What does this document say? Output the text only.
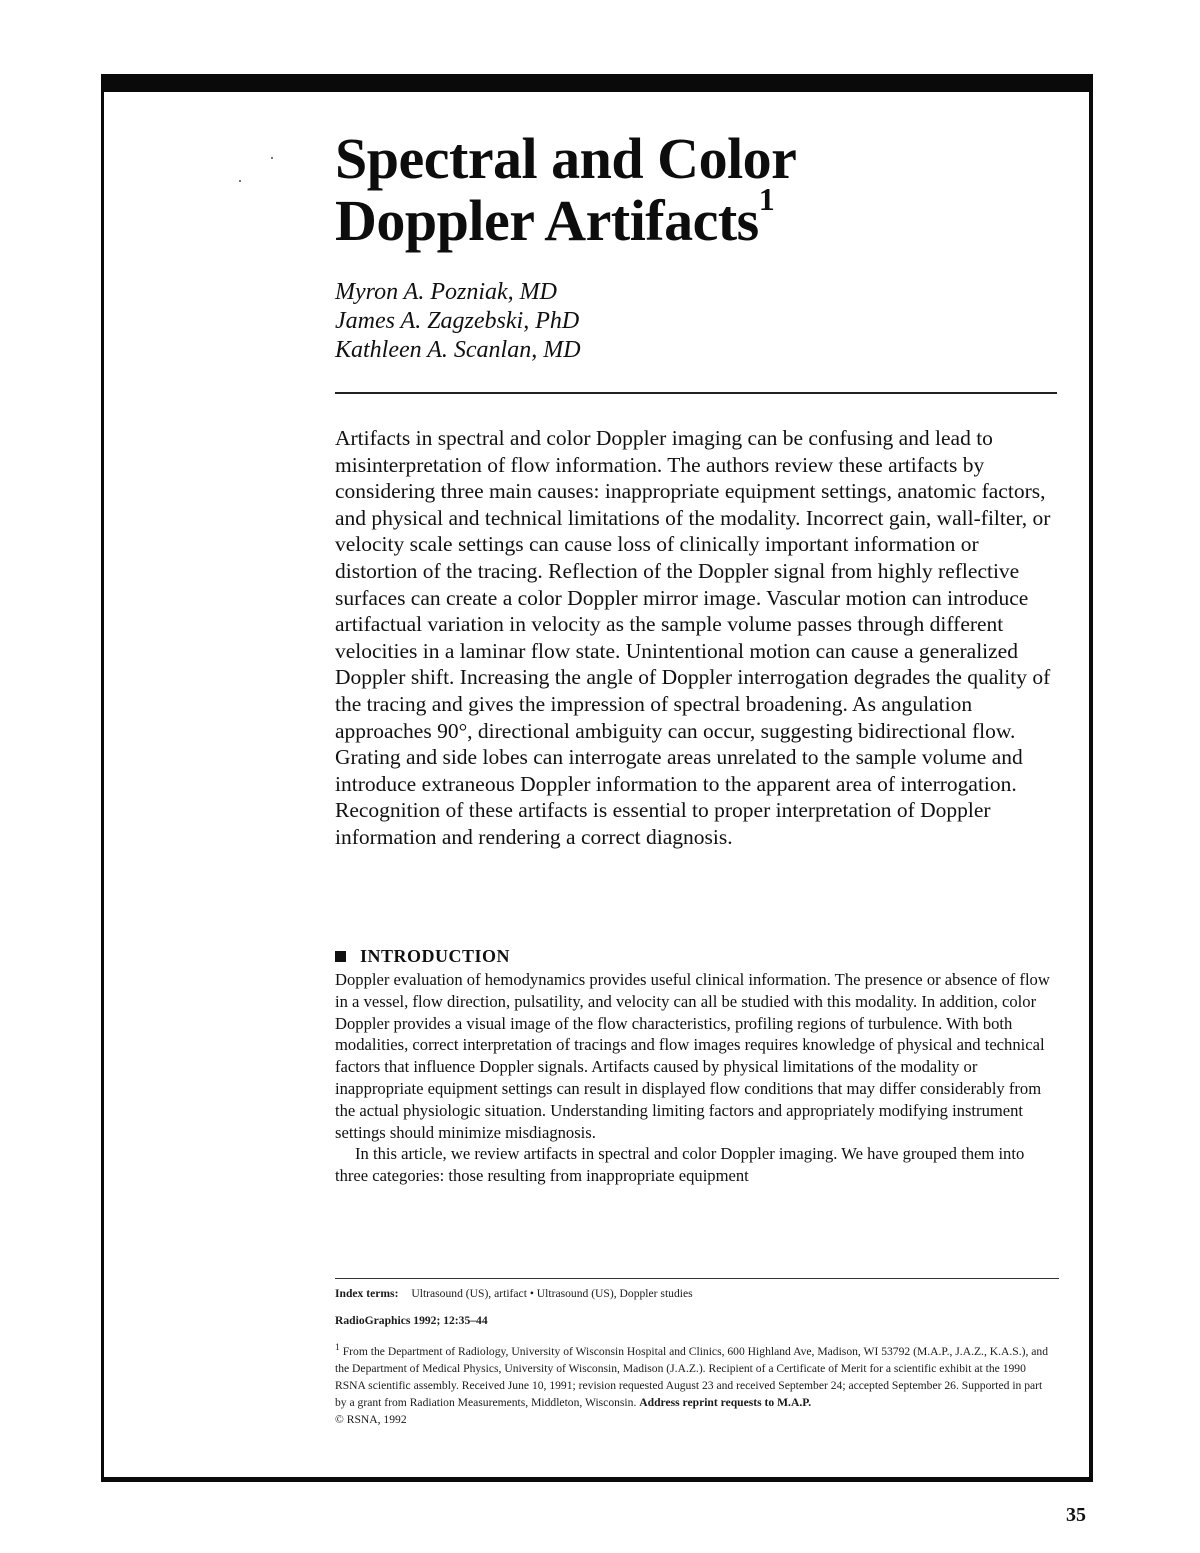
Spectral and Color
Doppler Artifacts$^1$
Myron A. Pozniak, MD
James A. Zagzebski, PhD
Kathleen A. Scanlan, MD

Artifacts in spectral and color Doppler imaging can be confusing and lead to misinterpretation of flow information. The authors review these artifacts by considering three main causes: inappropriate equipment settings, anatomic factors, and physical and technical limitations of the modality. Incorrect gain, wall-filter, or velocity scale settings can cause loss of clinically important information or distortion of the tracing. Reflection of the Doppler signal from highly reflective surfaces can create a color Doppler mirror image. Vascular motion can introduce artifactual variation in velocity as the sample volume passes through different velocities in a laminar flow state. Unintentional motion can cause a generalized Doppler shift. Increasing the angle of Doppler interrogation degrades the quality of the tracing and gives the impression of spectral broadening. As angulation approaches 90°, directional ambiguity can occur, suggesting bidirectional flow. Grating and side lobes can interrogate areas unrelated to the sample volume and introduce extraneous Doppler information to the apparent area of interrogation. Recognition of these artifacts is essential to proper interpretation of Doppler information and rendering a correct diagnosis.

INTRODUCTION

Doppler evaluation of hemodynamics provides useful clinical information. The presence or absence of flow in a vessel, flow direction, pulsatility, and velocity can all be studied with this modality. In addition, color Doppler provides a visual image of the flow characteristics, profiling regions of turbulence. With both modalities, correct interpretation of tracings and flow images requires knowledge of physical and technical factors that influence Doppler signals. Artifacts caused by physical limitations of the modality or inappropriate equipment settings can result in displayed flow conditions that may differ considerably from the actual physiologic situation. Understanding limiting factors and appropriately modifying instrument settings should minimize misdiagnosis.

In this article, we review artifacts in spectral and color Doppler imaging. We have grouped them into three categories: those resulting from inappropriate equipment

Index terms: Ultrasound (US), artifact • Ultrasound (US), Doppler studies
RadioGraphics 1992; 12:35–44
$^1$ From the Department of Radiology, University of Wisconsin Hospital and Clinics, 600 Highland Ave, Madison, WI 53792 (M.A.P., J.A.Z., K.A.S.), and the Department of Medical Physics, University of Wisconsin, Madison (J.A.Z.). Recipient of a Certificate of Merit for a scientific exhibit at the 1990 RSNA scientific assembly. Received June 10, 1991; revision requested August 23 and received September 24; accepted September 26. Supported in part by a grant from Radiation Measurements, Middleton, Wisconsin. Address reprint requests to M.A.P.
© RSNA, 1992
35
